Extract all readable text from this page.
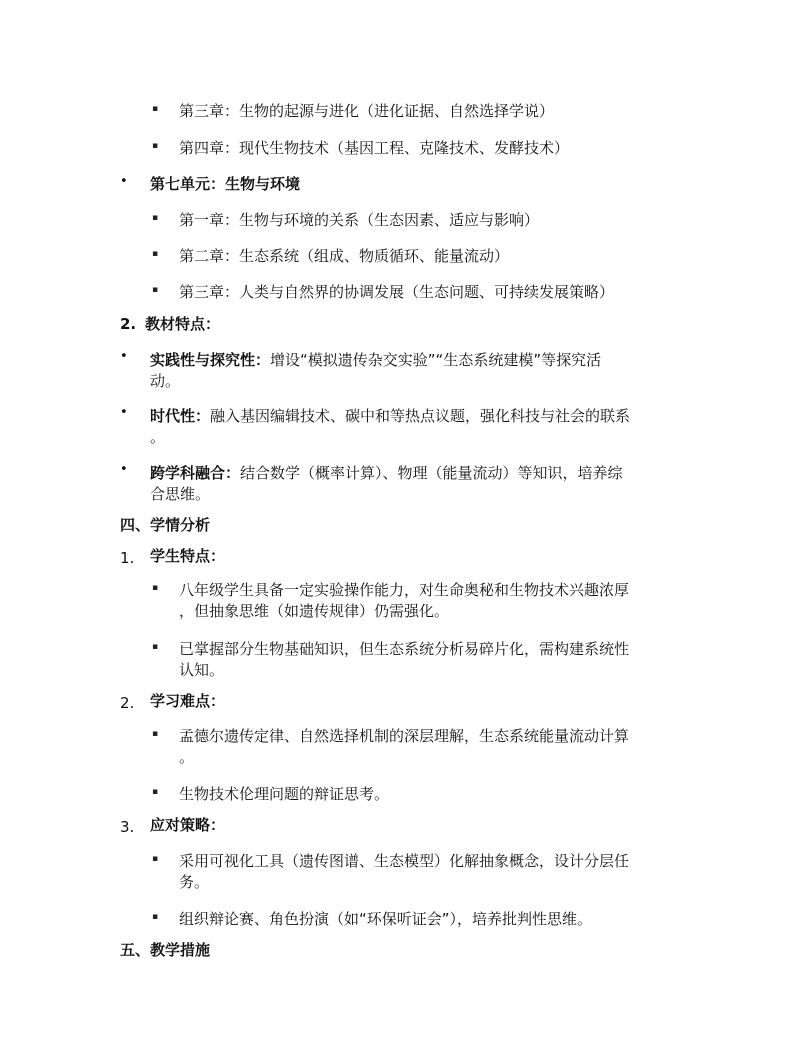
▪ 第三章：生物的起源与进化（进化证据、自然选择学说）
▪ 第四章：现代生物技术（基因工程、克隆技术、发酵技术）
• 第七单元：生物与环境
▪ 第一章：生物与环境的关系（生态因素、适应与影响）
▪ 第二章：生态系统（组成、物质循环、能量流动）
▪ 第三章：人类与自然界的协调发展（生态问题、可持续发展策略）
2. 教材特点：
• 实践性与探究性：增设“模拟遗传杂交实验”“生态系统建模”等探究活
动。
• 时代性：融入基因编辑技术、碳中和等热点议题，强化科技与社会的联系
。
• 跨学科融合：结合数学（概率计算）、物理（能量流动）等知识，培养综
合思维。
四、学情分析
1. 学生特点：
▪ 八年级学生具备一定实验操作能力，对生命奥秘和生物技术兴趣浓厚
，但抽象思维（如遗传规律）仍需强化。
▪ 已掌握部分生物基础知识，但生态系统分析易碎片化，需构建系统性
认知。
2. 学习难点：
▪ 孟德尔遗传定律、自然选择机制的深层理解，生态系统能量流动计算
。
▪ 生物技术伦理问题的辩证思考。
3. 应对策略：
▪ 采用可视化工具（遗传图谱、生态模型）化解抽象概念，设计分层任
务。
▪ 组织辩论赛、角色扮演（如“环保听证会”），培养批判性思维。
五、教学措施
